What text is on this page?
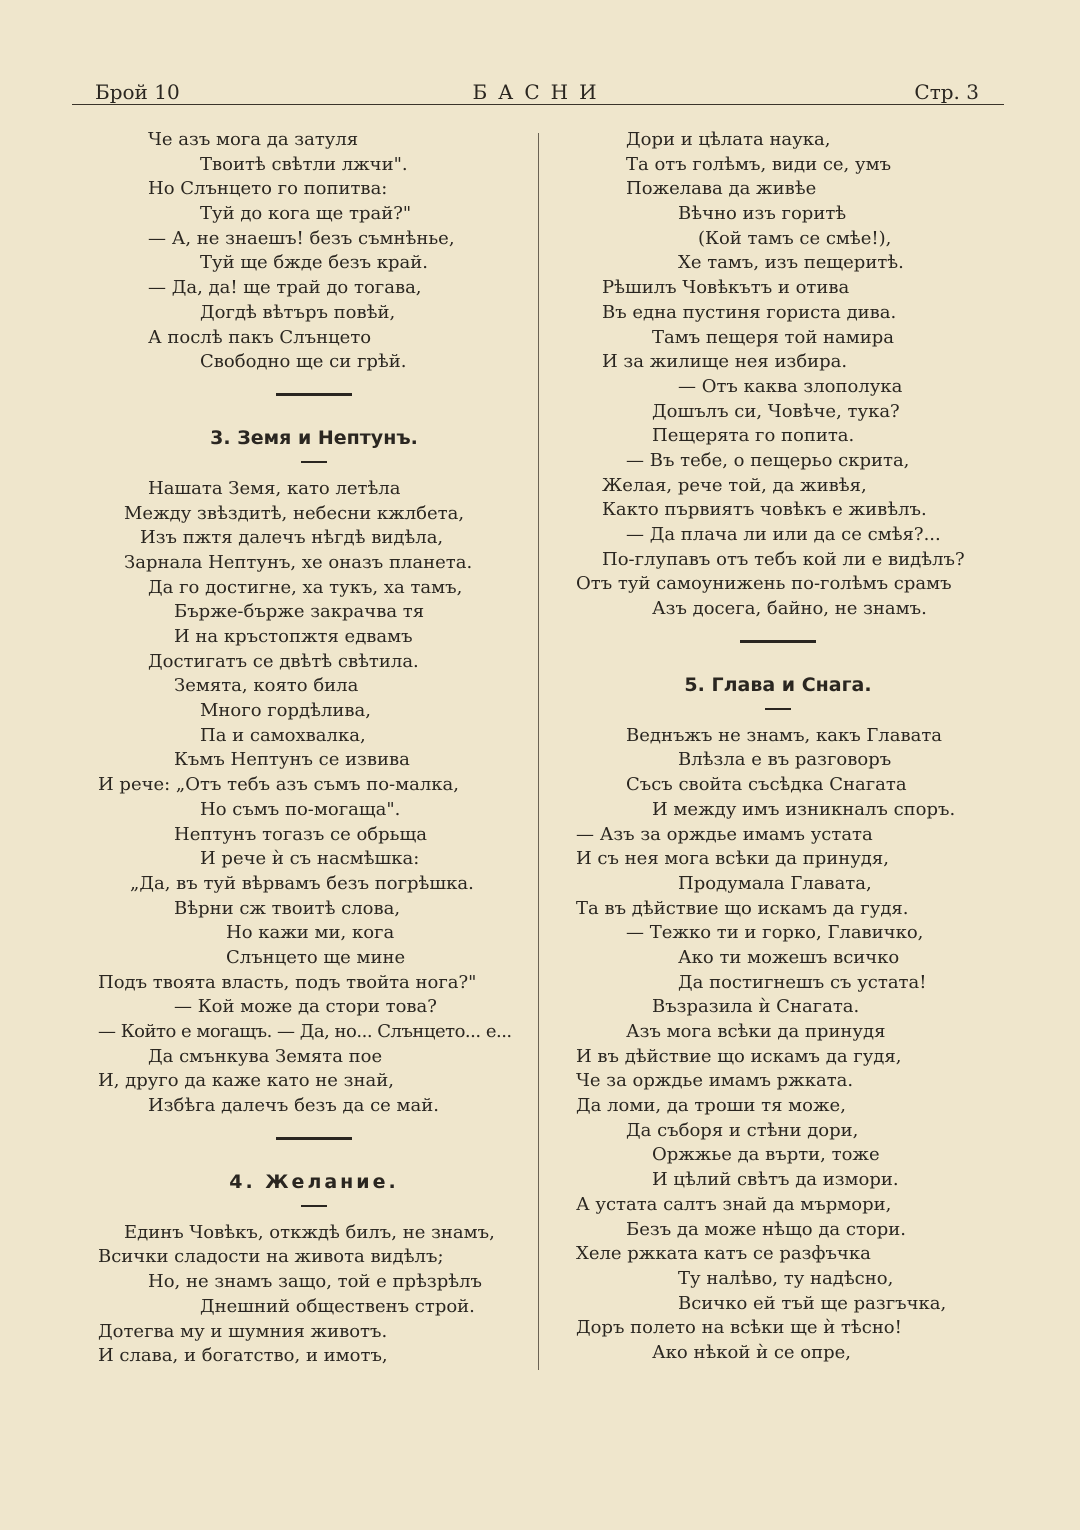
Брой 10	БАСНИ	Стр. 3
Че азъ мога да затуля
Твоитѣ свѣтли лжчи".
Но Слънцето го попитва:
Туй до кога ще трай?"
— А, не знаешъ! безъ съмнѣнье,
Туй ще бжде безъ край.
— Да, да! ще трай до тогава,
Догдѣ вѣтъръ повѣй,
А послѣ пакъ Слънцето
Свободно ще си грѣй.
3. Земя и Нептунъ.
Нашата Земя, като летѣла
Между звѣздитѣ, небесни кжлбета,
Изъ пжтя далечъ нѣгдѣ видѣла,
Зарнала Нептунъ, хе оназъ планета.
Да го достигне, ха тукъ, ха тамъ,
Бърже-бърже закрачва тя
И на кръстопжтя едвамъ
Достигатъ се двѣтѣ свѣтила.
Земята, която била
Много гордѣлива,
Па и самохвалка,
Къмъ Нептунъ се извива
И рече: „Отъ тебъ азъ съмъ по-малка,
Но съмъ по-могаща".
Нептунъ тогазъ се обрьща
И рече ѝ съ насмѣшка:
„Да, въ туй вѣрвамъ безъ погрѣшка.
Вѣрни сж твоитѣ слова,
Но кажи ми, кога
Слънцето ще мине
Подъ твоята власть, подъ твойта нога?"
— Кой може да стори това?
— Който е могащъ. — Да, но... Слънцето... е...
Да смънкува Земята пое
И, друго да каже като не знай,
Избѣга далечъ безъ да се май.
4. Желание.
Единъ Човѣкъ, откждѣ билъ, не знамъ,
Всички сладости на живота видѣлъ;
Но, не знамъ защо, той е прѣзрѣлъ
Днешний общественъ строй.
Дотегва му и шумния животъ.
И слава, и богатство, и имотъ,
Дори и цѣлата наука,
Та отъ голѣмъ, види се, умъ
Пожелава да живѣе
Вѣчно изъ горитѣ
(Кой тамъ се смѣе!),
Хе тамъ, изъ пещеритѣ.
Рѣшилъ Човѣкътъ и отива
Въ една пустиня гориста дива.
Тамъ пещеря той намира
И за жилище нея избира.
— Отъ каква злополука
Дошълъ си, Човѣче, тука?
Пещерята го попита.
— Въ тебе, о пещерьо скрита,
Желая, рече той, да живѣя,
Както първиятъ човѣкъ е живѣлъ.
— Да плача ли или да се смѣя?...
По-глупавъ отъ тебъ кой ли е видѣлъ?
Отъ туй самоунижень по-голѣмъ срамъ
Азъ досега, байно, не знамъ.
5. Глава и Снага.
Веднъжъ не знамъ, какъ Главата
Влѣзла е въ разговоръ
Съсъ свойта съсѣдка Снагата
И между имъ изникналъ споръ.
— Азъ за орждье имамъ устата
И съ нея мога всѣки да принудя,
Продумала Главата,
Та въ дѣйствие що искамъ да гудя.
— Тежко ти и горко, Главичко,
Ако ти можешъ всичко
Да постигнешъ съ устата!
Възразила ѝ Снагата.
Азъ мога всѣки да принудя
И въ дѣйствие що искамъ да гудя,
Че за орждье имамъ ржката.
Да ломи, да троши тя може,
Да съборя и стѣни дори,
Оржжье да върти, тоже
И цѣлий свѣтъ да измори.
А устата салтъ знай да мърмори,
Безъ да може нѣщо да стори.
Хеле ржката катъ се разфъчка
Ту налѣво, ту надѣсно,
Всичко ей тъй ще разгъчка,
Доръ полето на всѣки ще ѝ тѣсно!
Ако нѣкой ѝ се опре,
